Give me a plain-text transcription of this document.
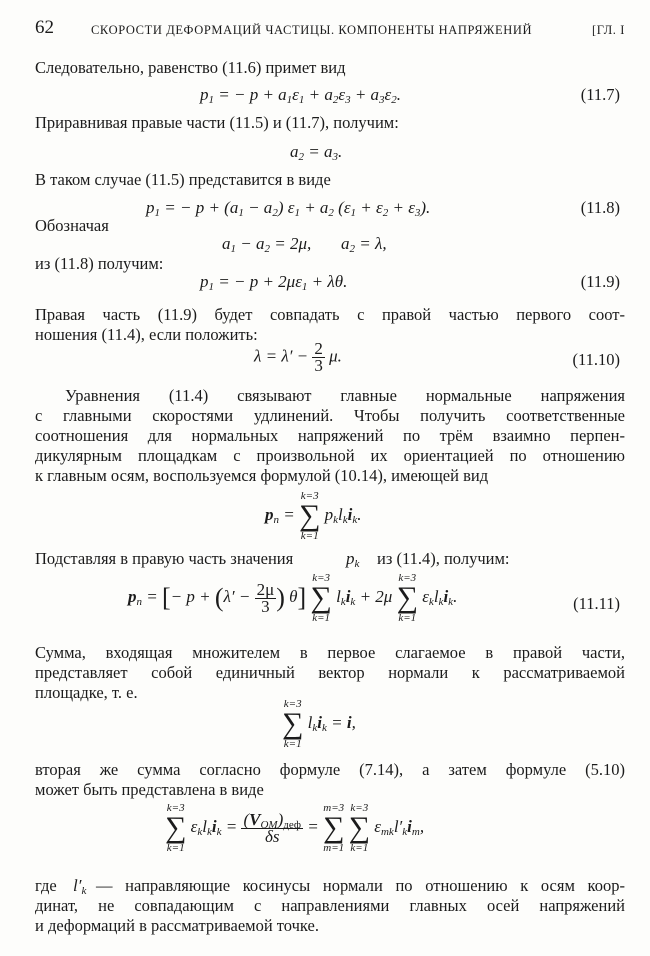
62	СКОРОСТИ ДЕФОРМАЦИЙ ЧАСТИЦЫ. КОМПОНЕНТЫ НАПРЯЖЕНИЙ	[ГЛ. I
Следовательно, равенство (11.6) примет вид
$p_1$ = − $p + a_1\varepsilon_1 + a_2\varepsilon_3 + a_3\varepsilon_2$.	(11.7)
Приравнивая правые части (11.5) и (11.7), получим:
$a_2 = a_3$.
В таком случае (11.5) представится в виде
$p_1$ = − $p + (a_1 - a_2) \varepsilon_1 + a_2$ $(\varepsilon_1 + \varepsilon_2 + \varepsilon_3)$.	(11.8)
Обозначая
$a_1 - a_2 = 2\mu$,       $a_2 = \lambda$,
из (11.8) получим:
$p_1$ = − $p + 2\mu\varepsilon_1 + \lambda\theta$.	(11.9)
Правая часть (11.9) будет совпадать с правой частью первого соот-
ношения (11.4), если положить:
$\lambda = \lambda' - \frac{2}{3} \mu$.	(11.10)
Уравнения (11.4) связывают главные нормальные напряжения
с главными скоростями удлинений. Чтобы получить соответственные
соотношения для нормальных напряжений по трём взаимно перпен-
дикулярным площадкам с произвольной их ориентацией по отношению
к главным осям, воспользуемся формулой (10.14), имеющей вид
$p_n$ =
k=3
∑
k=1
$p_kl_ki_k$.
Подставляя в правую часть значения	$p_k$ из (11.4), получим:
$p_n$ = [− $p + (\lambda' - \frac{2\mu}{3}$ ) θ]
k=3
∑
k=1
$l_ki_k + 2\mu$
k=3
∑
k=1
$\varepsilon_kl_ki_k$.	(11.11)
Сумма, входящая множителем в первое слагаемое в правой части,
представляет собой единичный вектор нормали к рассматриваемой
площадке, т. е.
k=3
∑
k=1
$l_ki_k = i$,
вторая же сумма согласно формуле (7.14), а затем формуле (5.10)
может быть представлена в виде
k=3
∑
k=1
$\varepsilon_kl_ki_k = \frac{(V_{OM})_{деф}}{\delta s}$ =
m=3
∑
m=1

k=3
∑
k=1
$\varepsilon_{mk}l'_ki_m$,
где $l'_k$ — направляющие косинусы нормали по отношению к осям коор-
динат, не совпадающим с направлениями главных осей напряжений
и деформаций в рассматриваемой точке.
